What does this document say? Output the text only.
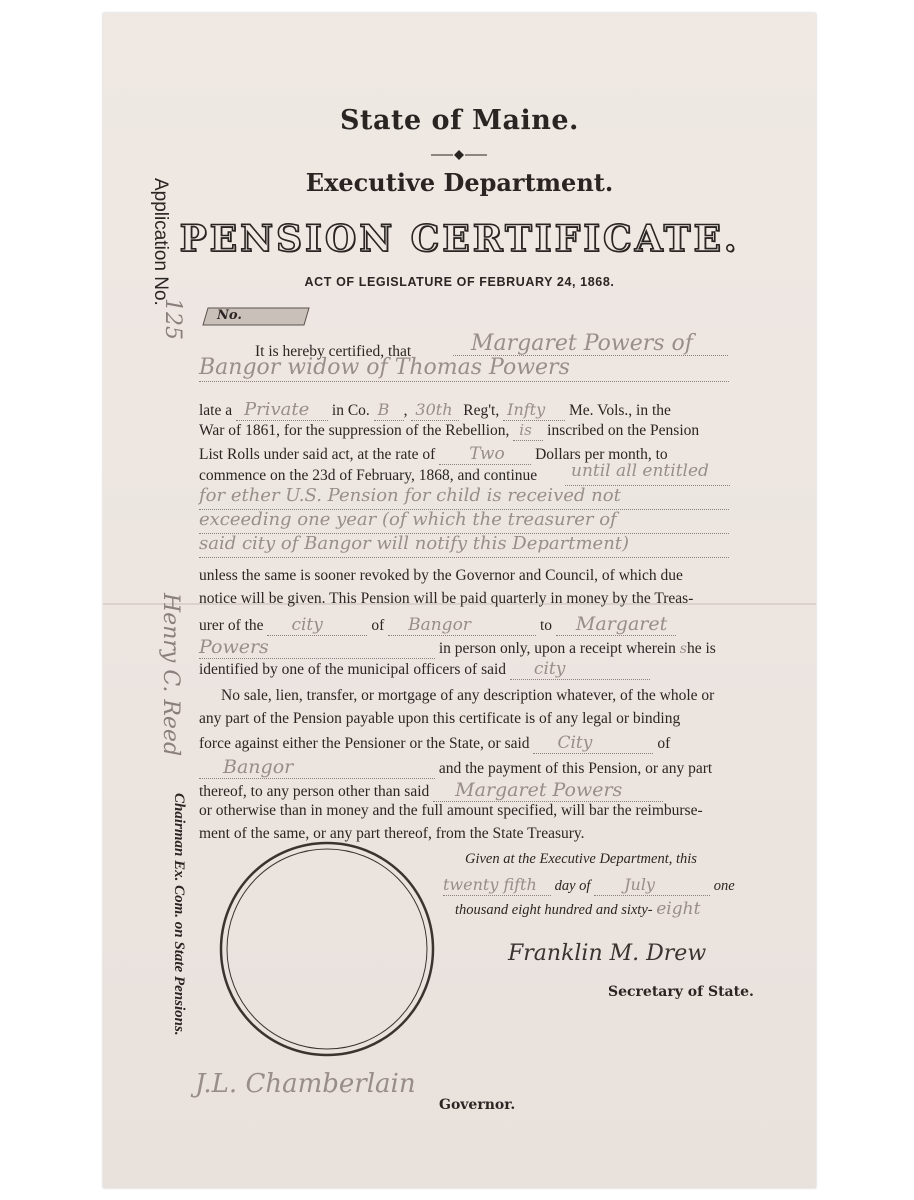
Application No.
125
Henry C. Reed
Chairman Ex. Com. on State Pensions.
State of Maine.
Executive Department.
PENSION CERTIFICATE.
ACT OF LEGISLATURE OF FEBRUARY 24, 1868.
No.
It is hereby certified, that	Margaret Powers of
Bangor widow of Thomas Powers
late a Private in Co. B , 30th Reg't, Infty Me. Vols., in the
War of 1861, for the suppression of the Rebellion, is inscribed on the Pension
List Rolls under said act, at the rate of Two Dollars per month, to
commence on the 23d of February, 1868, and continue	until all entitled
for ether U.S. Pension for child is received not
exceeding one year (of which the treasurer of
said city of Bangor will notify this Department)
unless the same is sooner revoked by the Governor and Council, of which due
notice will be given. This Pension will be paid quarterly in money by the Treas-
urer of the city	of Bangor	to Margaret
Powers	in person only, upon a receipt wherein she is
identified by one of the municipal officers of said city
No sale, lien, transfer, or mortgage of any description whatever, of the whole or
any part of the Pension payable upon this certificate is of any legal or binding
force against either the Pensioner or the State, or said City	of
Bangor	and the payment of this Pension, or any part
thereof, to any person other than said Margaret Powers
or otherwise than in money and the full amount specified, will bar the reimburse-
ment of the same, or any part thereof, from the State Treasury.
Given at the Executive Department, this
twenty fifth day of July	one
thousand eight hundred and sixty- eight
Franklin M. Drew
Secretary of State.
J.L. Chamberlain
Governor.
